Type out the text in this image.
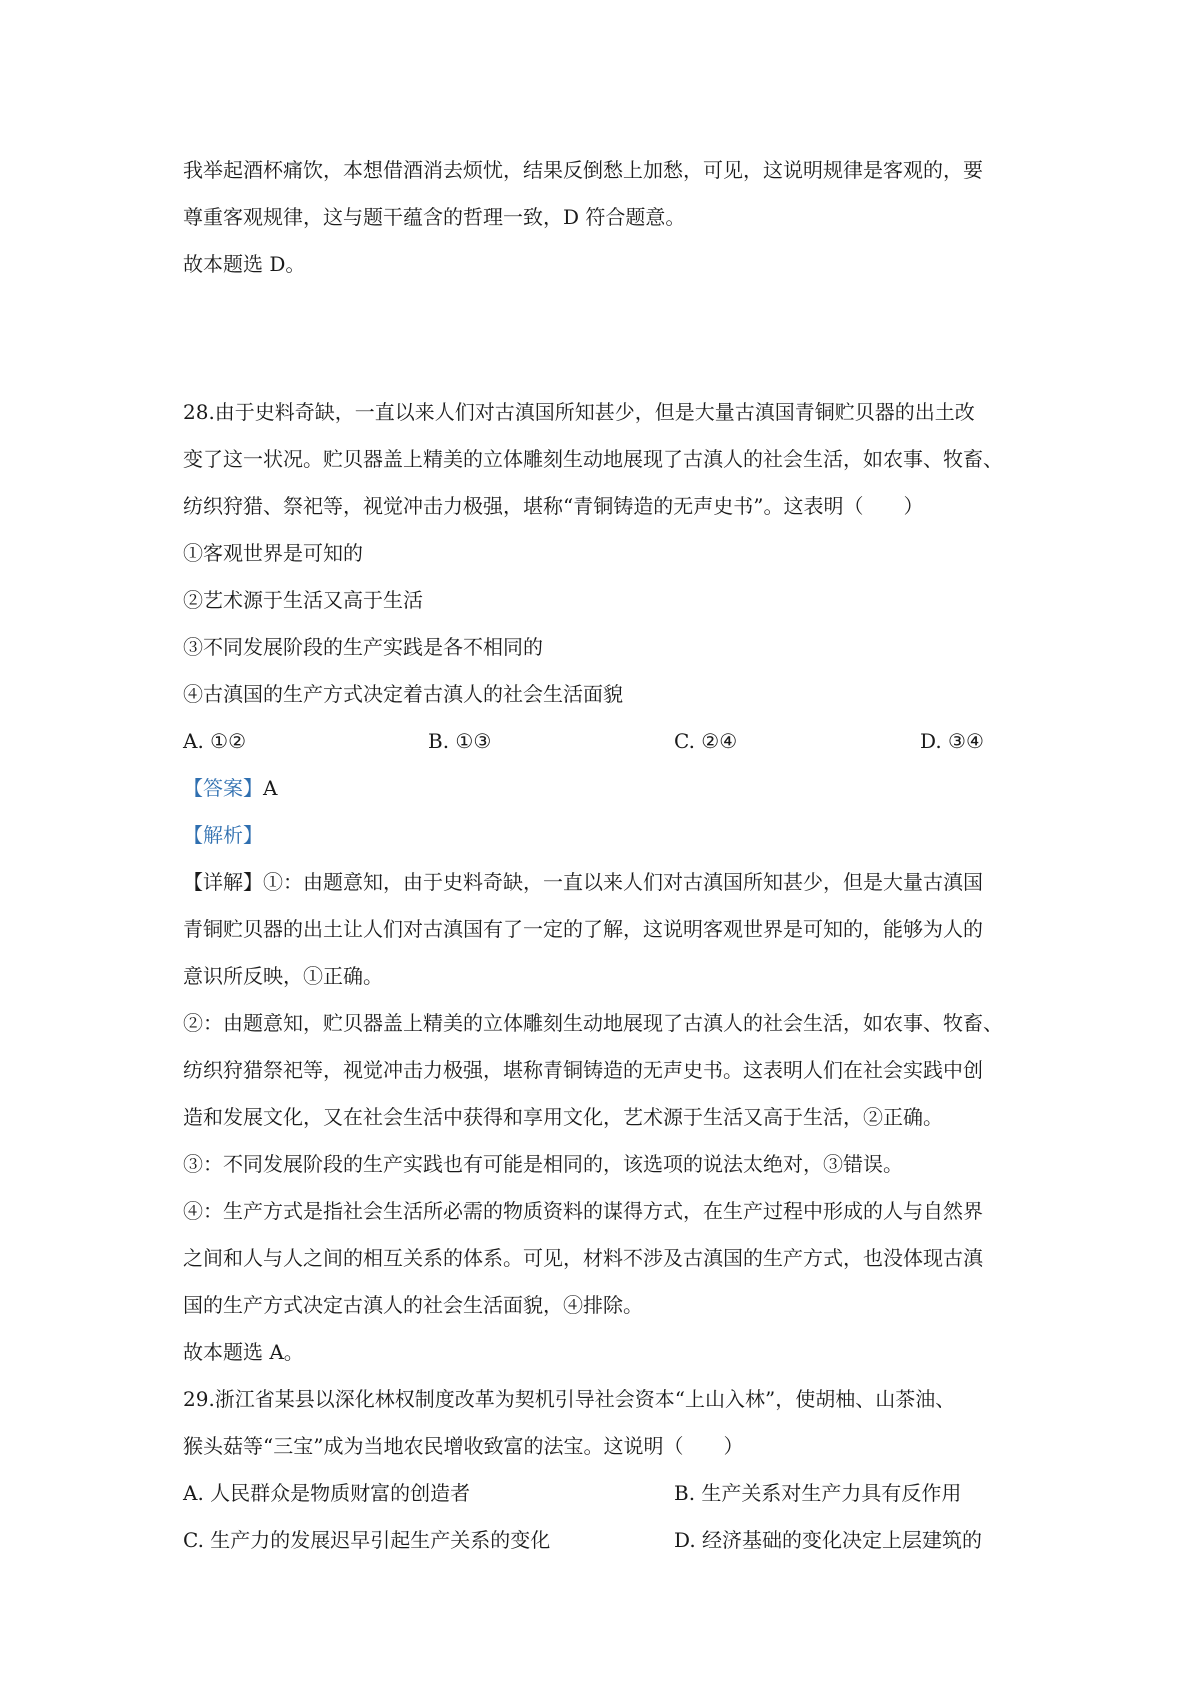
我举起酒杯痛饮，本想借酒消去烦忧，结果反倒愁上加愁，可见，这说明规律是客观的，要
尊重客观规律，这与题干蕴含的哲理一致，D 符合题意。
故本题选 D。
28.由于史料奇缺，一直以来人们对古滇国所知甚少，但是大量古滇国青铜贮贝器的出土改
变了这一状况。贮贝器盖上精美的立体雕刻生动地展现了古滇人的社会生活，如农事、牧畜、
纺织狩猎、祭祀等，视觉冲击力极强，堪称“青铜铸造的无声史书”。这表明（　　）
①客观世界是可知的
②艺术源于生活又高于生活
③不同发展阶段的生产实践是各不相同的
④古滇国的生产方式决定着古滇人的社会生活面貌
A. ①②	B. ①③	C. ②④	D. ③④
【答案】A
【解析】
【详解】①：由题意知，由于史料奇缺，一直以来人们对古滇国所知甚少，但是大量古滇国
青铜贮贝器的出土让人们对古滇国有了一定的了解，这说明客观世界是可知的，能够为人的
意识所反映，①正确。
②：由题意知，贮贝器盖上精美的立体雕刻生动地展现了古滇人的社会生活，如农事、牧畜、
纺织狩猎祭祀等，视觉冲击力极强，堪称青铜铸造的无声史书。这表明人们在社会实践中创
造和发展文化，又在社会生活中获得和享用文化，艺术源于生活又高于生活，②正确。
③：不同发展阶段的生产实践也有可能是相同的，该选项的说法太绝对，③错误。
④：生产方式是指社会生活所必需的物质资料的谋得方式，在生产过程中形成的人与自然界
之间和人与人之间的相互关系的体系。可见，材料不涉及古滇国的生产方式，也没体现古滇
国的生产方式决定古滇人的社会生活面貌，④排除。
故本题选 A。
29.浙江省某县以深化林权制度改革为契机引导社会资本“上山入林”，使胡柚、山茶油、
猴头菇等“三宝”成为当地农民增收致富的法宝。这说明（　　）
A. 人民群众是物质财富的创造者	B. 生产关系对生产力具有反作用
C. 生产力的发展迟早引起生产关系的变化	D. 经济基础的变化决定上层建筑的
